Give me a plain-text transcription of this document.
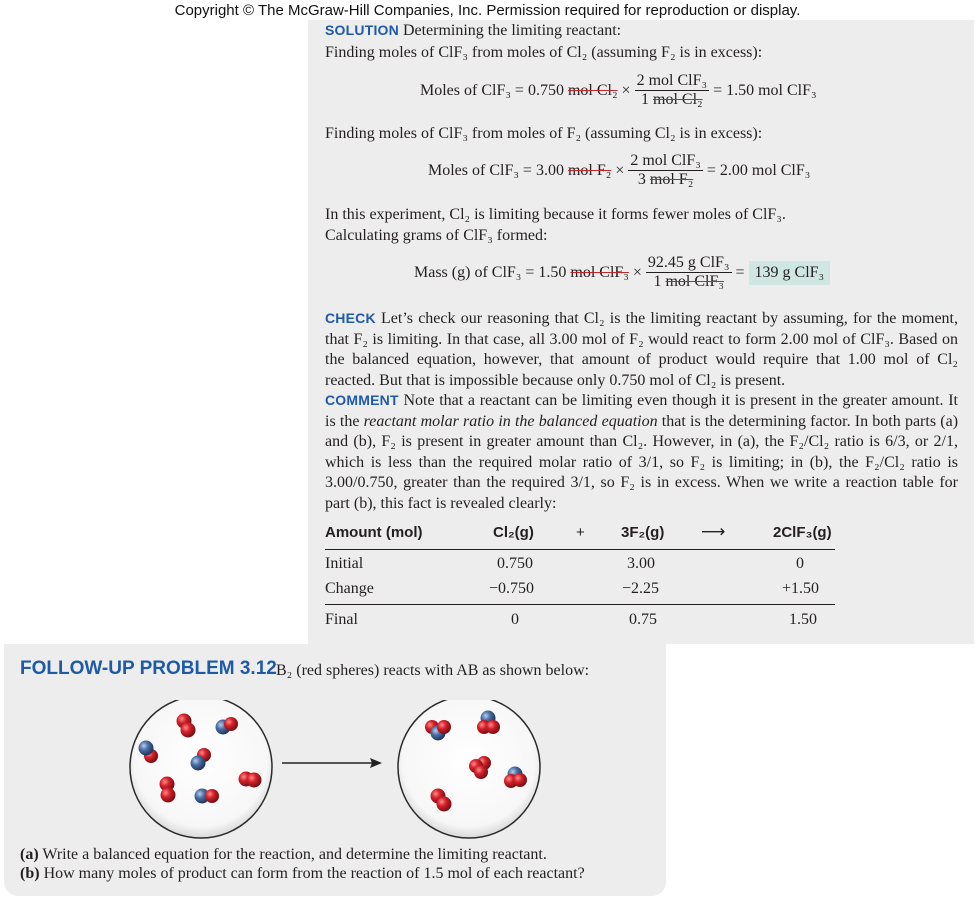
Copyright © The McGraw-Hill Companies, Inc. Permission required for reproduction or display.
SOLUTION Determining the limiting reactant:
Finding moles of ClF₃ from moles of Cl₂ (assuming F₂ is in excess):
Moles of ClF₃ = 0.750 mol $Cl_2 \times \frac{\text{2 mol ClF₃}}{\text{1 mol Cl₂}} = 1.50$ mol ClF₃
Finding moles of ClF₃ from moles of F₂ (assuming Cl₂ is in excess):
Moles of ClF₃ = 3.00 mol $F_2 \times \frac{\text{2 mol ClF₃}}{\text{3 mol F₂}} = 2.00$ mol ClF₃
In this experiment, Cl₂ is limiting because it forms fewer moles of ClF₃.
Calculating grams of ClF₃ formed:
Mass (g) of ClF₃ = 1.50 mol $ClF_3 \times \frac{\text{92.45 g ClF₃}}{\text{1 mol ClF₃}} = 139$ g ClF₃
CHECK Let’s check our reasoning that Cl₂ is the limiting reactant by assuming, for the moment, that F₂ is limiting. In that case, all 3.00 mol of F₂ would react to form 2.00 mol of ClF₃. Based on the balanced equation, however, that amount of product would require that 1.00 mol of Cl₂ reacted. But that is impossible because only 0.750 mol of Cl₂ is present.
COMMENT Note that a reactant can be limiting even though it is present in the greater amount. It is the reactant molar ratio in the balanced equation that is the determining factor. In both parts (a) and (b), F₂ is present in greater amount than Cl₂. However, in (a), the F₂/Cl₂ ratio is 6/3, or 2/1, which is less than the required molar ratio of 3/1, so F₂ is limiting; in (b), the F₂/Cl₂ ratio is 3.00/0.750, greater than the required 3/1, so F₂ is in excess. When we write a reaction table for part (b), this fact is revealed clearly:
Amount (mol)	Cl₂(g)	+ 3F₂(g) ⟶	2ClF₃(g)
Initial	0.750	3.00	0
Change	−0.750	−2.25	+1.50
Final	0	0.75	1.50
FOLLOW-UP PROBLEM 3.12 B₂ (red spheres) reacts with AB as shown below:
(a) Write a balanced equation for the reaction, and determine the limiting reactant.
(b) How many moles of product can form from the reaction of 1.5 mol of each reactant?
